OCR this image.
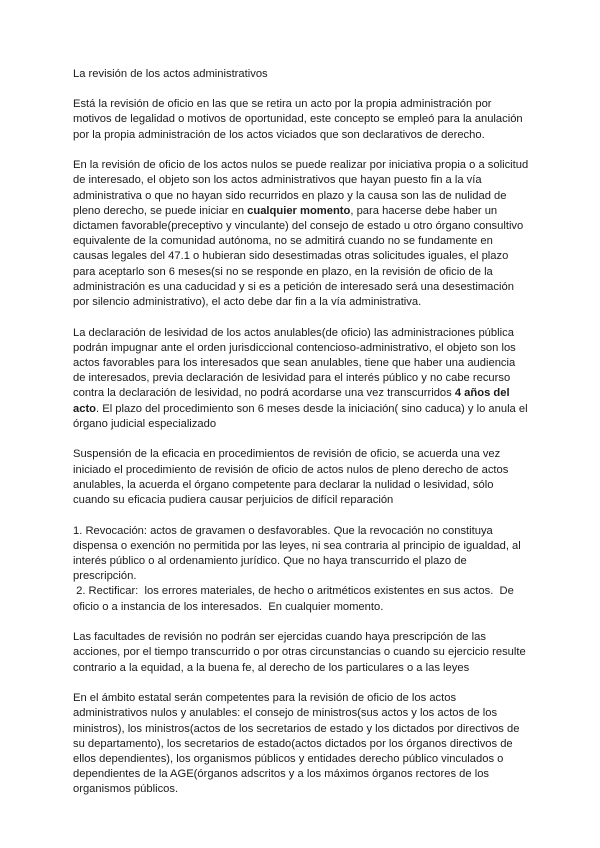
La revisión de los actos administrativos

Está la revisión de oficio en las que se retira un acto por la propia administración por motivos de legalidad o motivos de oportunidad, este concepto se empleó para la anulación por la propia administración de los actos viciados que son declarativos de derecho.

En la revisión de oficio de los actos nulos se puede realizar por iniciativa propia o a solicitud de interesado, el objeto son los actos administrativos que hayan puesto fin a la vía administrativa o que no hayan sido recurridos en plazo y la causa son las de nulidad de pleno derecho, se puede iniciar en cualquier momento, para hacerse debe haber un dictamen favorable(preceptivo y vinculante) del consejo de estado u otro órgano consultivo equivalente de la comunidad autónoma, no se admitirá cuando no se fundamente en causas legales del 47.1 o hubieran sido desestimadas otras solicitudes iguales, el plazo para aceptarlo son 6 meses(si no se responde en plazo, en la revisión de oficio de la administración es una caducidad y si es a petición de interesado será una desestimación por silencio administrativo), el acto debe dar fin a la vía administrativa.

La declaración de lesividad de los actos anulables(de oficio) las administraciones pública podrán impugnar ante el orden jurisdiccional contencioso-administrativo, el objeto son los actos favorables para los interesados que sean anulables, tiene que haber una audiencia de interesados, previa declaración de lesividad para el interés público y no cabe recurso contra la declaración de lesividad, no podrá acordarse una vez transcurridos 4 años del acto. El plazo del procedimiento son 6 meses desde la iniciación( sino caduca) y lo anula el órgano judicial especializado

Suspensión de la eficacia en procedimientos de revisión de oficio, se acuerda una vez iniciado el procedimiento de revisión de oficio de actos nulos de pleno derecho de actos anulables, la acuerda el órgano competente para declarar la nulidad o lesividad, sólo cuando su eficacia pudiera causar perjuicios de difícil reparación

1. Revocación: actos de gravamen o desfavorables. Que la revocación no constituya dispensa o exención no permitida por las leyes, ni sea contraria al principio de igualdad, al interés público o al ordenamiento jurídico. Que no haya transcurrido el plazo de prescripción.

2. Rectificar:  los errores materiales, de hecho o aritméticos existentes en sus actos.  De oficio o a instancia de los interesados.  En cualquier momento.

Las facultades de revisión no podrán ser ejercidas cuando haya prescripción de las acciones, por el tiempo transcurrido o por otras circunstancias o cuando su ejercicio resulte contrario a la equidad, a la buena fe, al derecho de los particulares o a las leyes

En el ámbito estatal serán competentes para la revisión de oficio de los actos administrativos nulos y anulables: el consejo de ministros(sus actos y los actos de los ministros), los ministros(actos de los secretarios de estado y los dictados por directivos de su departamento), los secretarios de estado(actos dictados por los órganos directivos de ellos dependientes), los organismos públicos y entidades derecho público vinculados o dependientes de la AGE(órganos adscritos y a los máximos órganos rectores de los organismos públicos.
